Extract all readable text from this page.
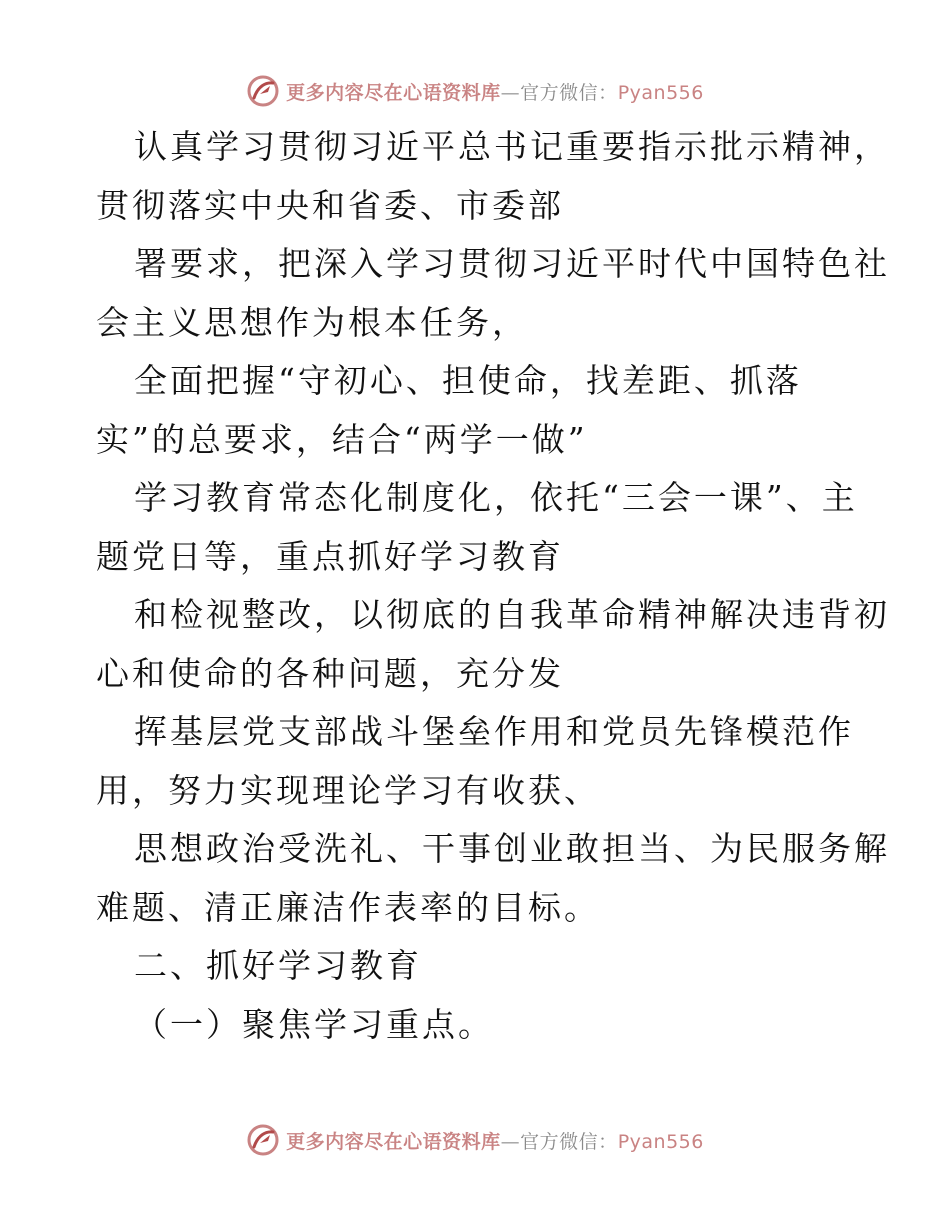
更多内容尽在心语资料库—官方微信：Pyan556

认真学习贯彻习近平总书记重要指示批示精神，
贯彻落实中央和省委、市委部

署要求，把深入学习贯彻习近平时代中国特色社
会主义思想作为根本任务，

全面把握“守初心、担使命，找差距、抓落
实”的总要求，结合“两学一做”

学习教育常态化制度化，依托“三会一课”、主
题党日等，重点抓好学习教育

和检视整改，以彻底的自我革命精神解决违背初
心和使命的各种问题，充分发

挥基层党支部战斗堡垒作用和党员先锋模范作
用，努力实现理论学习有收获、

思想政治受洗礼、干事创业敢担当、为民服务解
难题、清正廉洁作表率的目标。

二、抓好学习教育

（一）聚焦学习重点。

更多内容尽在心语资料库—官方微信：Pyan556
